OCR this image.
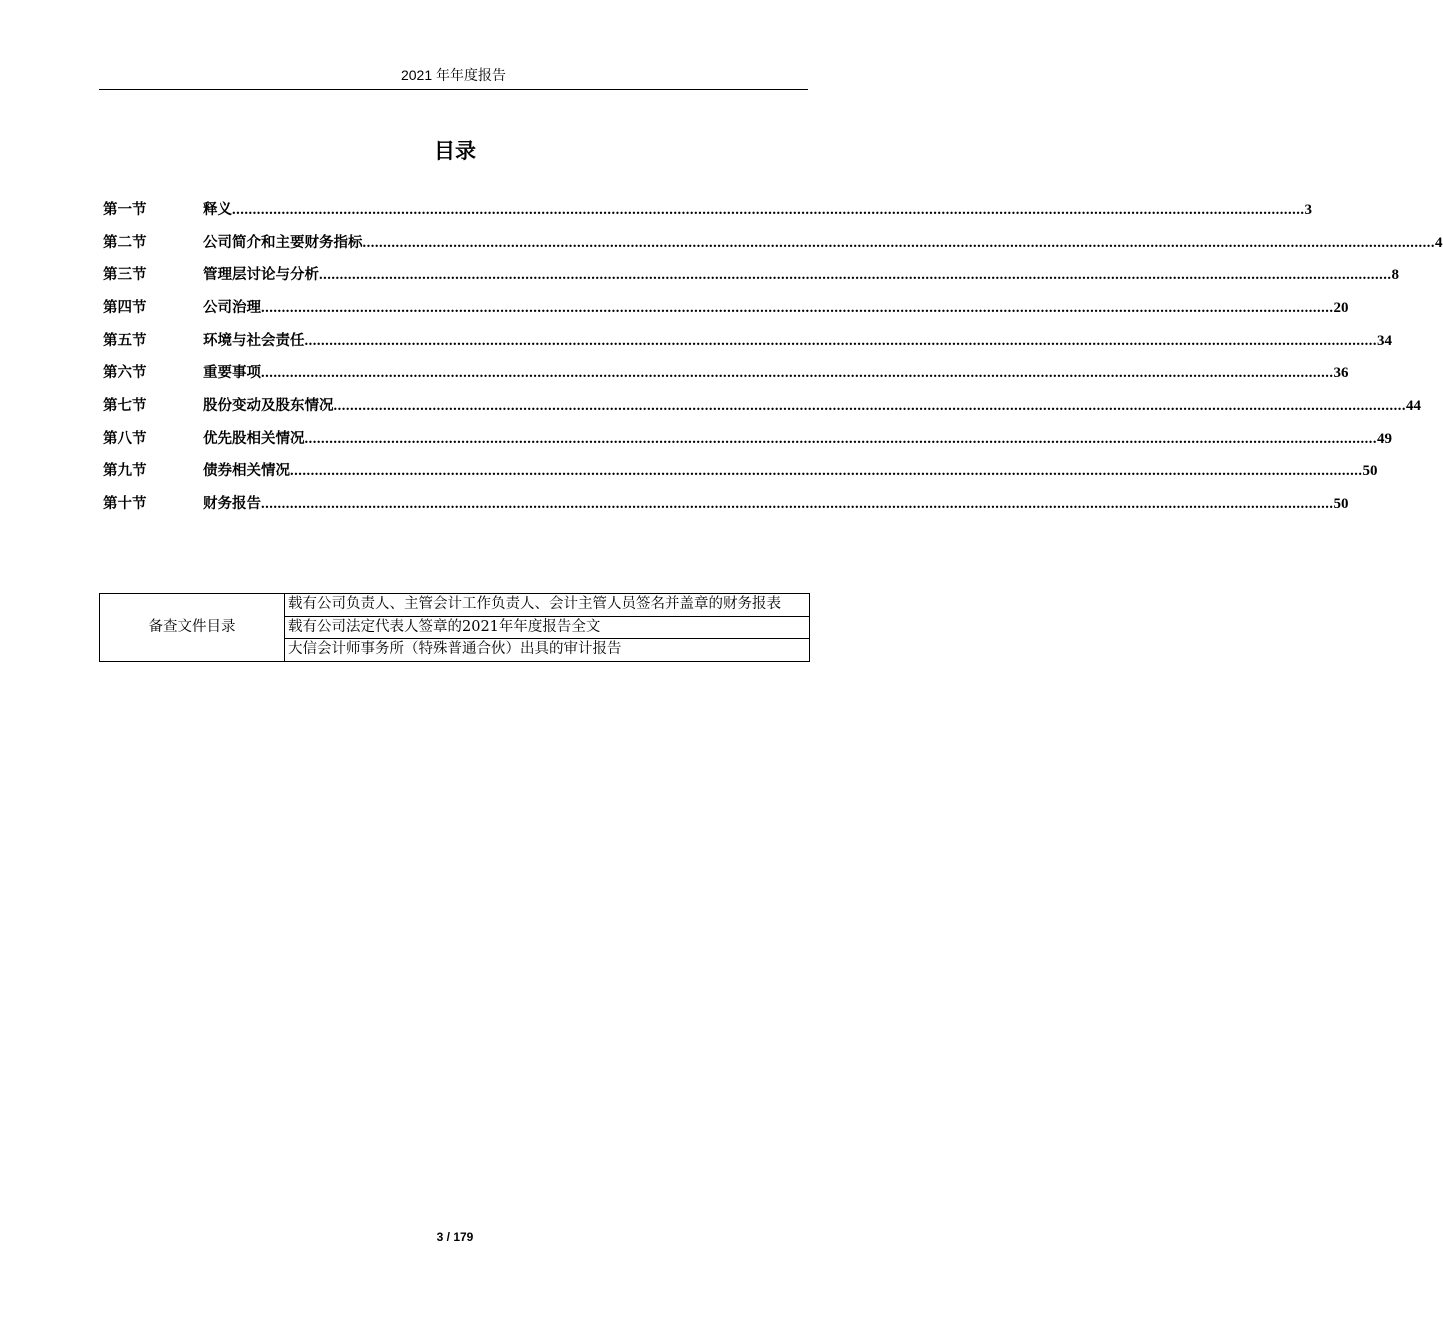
2021 年年度报告
目录
第一节	释义 .................................................................................................................................................................................................................................................................... 3
第二节	公司简介和主要财务指标 .................................................................................................................................................................................................................................................................... 4
第三节	管理层讨论与分析 .................................................................................................................................................................................................................................................................... 8
第四节	公司治理 .................................................................................................................................................................................................................................................................... 20
第五节	环境与社会责任 .................................................................................................................................................................................................................................................................... 34
第六节	重要事项 .................................................................................................................................................................................................................................................................... 36
第七节	股份变动及股东情况 .................................................................................................................................................................................................................................................................... 44
第八节	优先股相关情况 .................................................................................................................................................................................................................................................................... 49
第九节	债券相关情况 .................................................................................................................................................................................................................................................................... 50
第十节	财务报告 .................................................................................................................................................................................................................................................................... 50
备查文件目录	载有公司负责人、主管会计工作负责人、会计主管人员签名并盖章的财务报表
载有公司法定代表人签章的2021年年度报告全文
大信会计师事务所（特殊普通合伙）出具的审计报告
3 / 179
